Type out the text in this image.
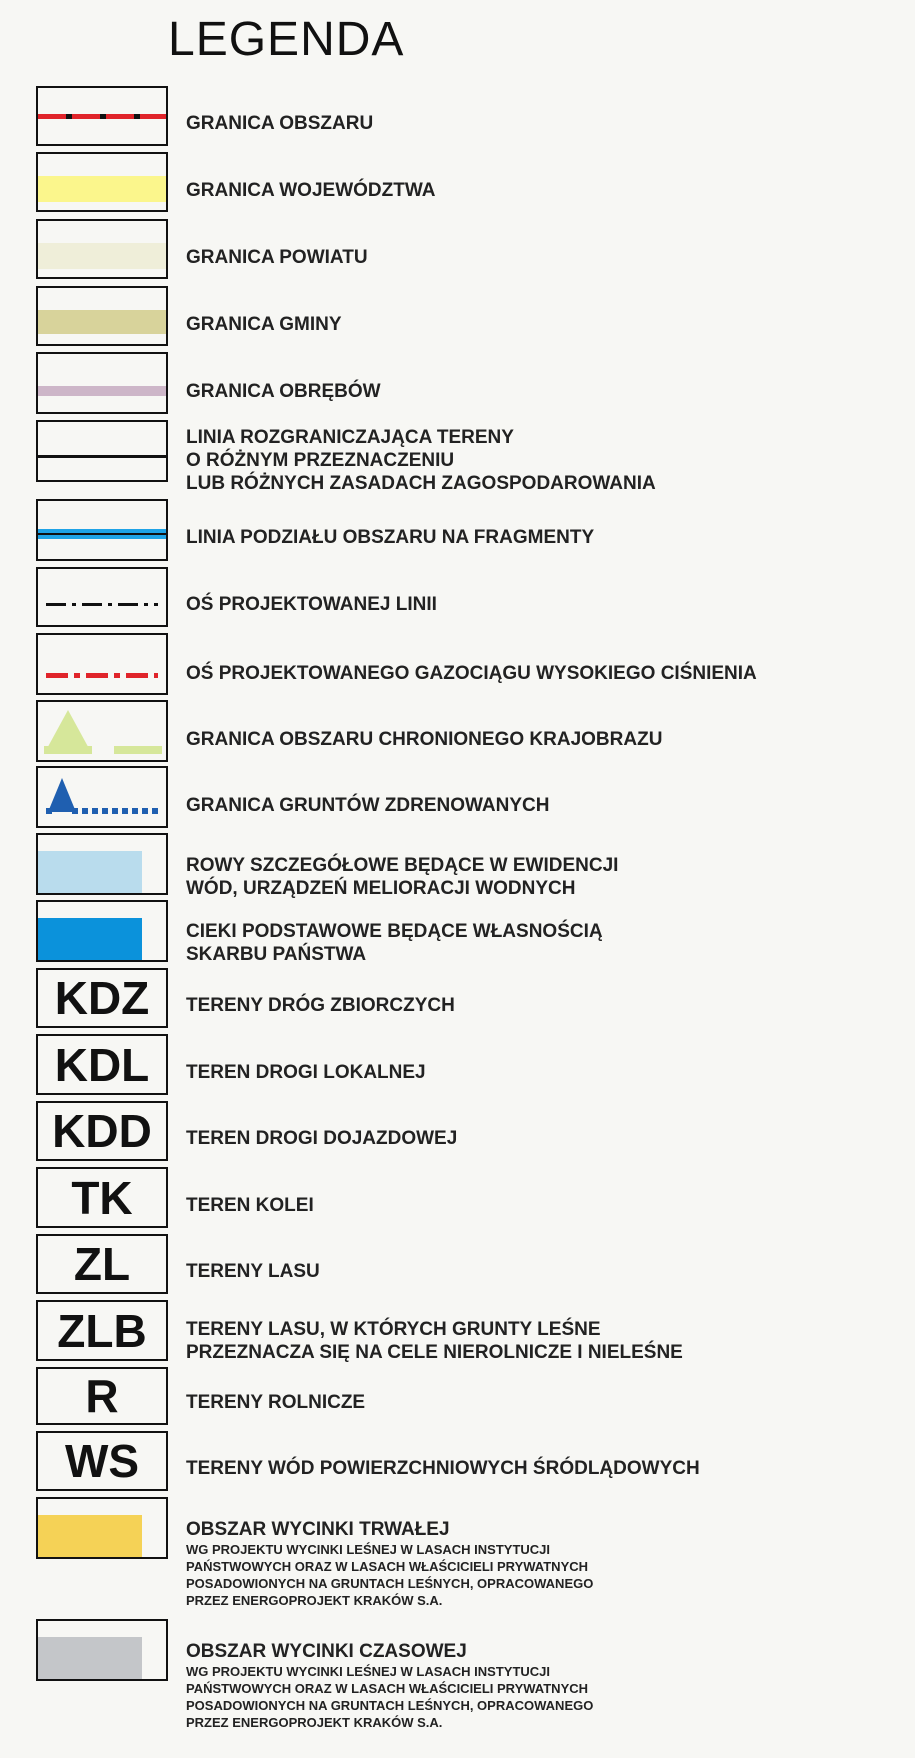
LEGENDA
GRANICA OBSZARU
GRANICA WOJEWÓDZTWA
GRANICA POWIATU
GRANICA GMINY
GRANICA OBRĘBÓW
LINIA ROZGRANICZAJĄCA TERENY
O RÓŻNYM PRZEZNACZENIU
LUB RÓŻNYCH ZASADACH ZAGOSPODAROWANIA
LINIA PODZIAŁU OBSZARU NA FRAGMENTY
OŚ PROJEKTOWANEJ LINII
OŚ PROJEKTOWANEGO GAZOCIĄGU WYSOKIEGO CIŚNIENIA
GRANICA OBSZARU CHRONIONEGO KRAJOBRAZU
GRANICA GRUNTÓW ZDRENOWANYCH
ROWY SZCZEGÓŁOWE BĘDĄCE W EWIDENCJI
WÓD, URZĄDZEŃ MELIORACJI WODNYCH
CIEKI PODSTAWOWE BĘDĄCE WŁASNOŚCIĄ
SKARBU PAŃSTWA
KDZ	TERENY DRÓG ZBIORCZYCH
KDL	TEREN DROGI LOKALNEJ
KDD	TEREN DROGI DOJAZDOWEJ
TK	TEREN KOLEI
ZL	TERENY LASU
ZLB	TERENY LASU, W KTÓRYCH GRUNTY LEŚNE
PRZEZNACZA SIĘ NA CELE NIEROLNICZE I NIELEŚNE
R	TERENY ROLNICZE
WS	TERENY WÓD POWIERZCHNIOWYCH ŚRÓDLĄDOWYCH
OBSZAR WYCINKI TRWAŁEJ
WG PROJEKTU WYCINKI LEŚNEJ W LASACH INSTYTUCJI
PAŃSTWOWYCH ORAZ W LASACH WŁAŚCICIELI PRYWATNYCH
POSADOWIONYCH NA GRUNTACH LEŚNYCH, OPRACOWANEGO
PRZEZ ENERGOPROJEKT KRAKÓW S.A.
OBSZAR WYCINKI CZASOWEJ
WG PROJEKTU WYCINKI LEŚNEJ W LASACH INSTYTUCJI
PAŃSTWOWYCH ORAZ W LASACH WŁAŚCICIELI PRYWATNYCH
POSADOWIONYCH NA GRUNTACH LEŚNYCH, OPRACOWANEGO
PRZEZ ENERGOPROJEKT KRAKÓW S.A.
